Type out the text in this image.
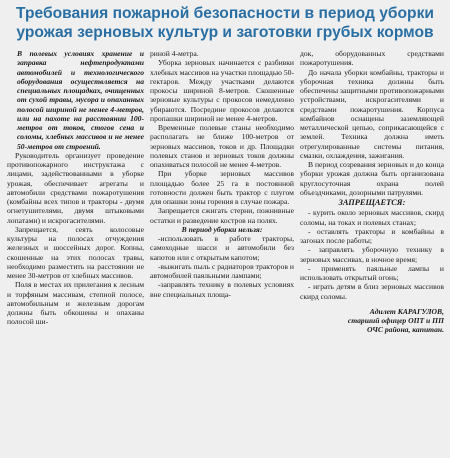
Требования пожарной безопасности в период уборки урожая зерновых культур и заготовки грубых кормов

В полевых условиях хранение и заправка нефтепродуктами автомобилей и технологического оборудования осуществляется на специальных площадках, очищенных от сухой травы, мусора и опаханных полосой шириной не менее 4-метров, или на пахоте на расстоянии 100-метров от токов, стогов сена и соломы, хлебных массивов и не менее 50-метров от строений.

Руководитель организует проведение противопожарного инструктажа с лицами, задействованными в уборке урожая, обеспечивает агрегаты и автомобили средствами пожаротушения (комбайны всех типов и тракторы - двумя огнетушителями, двумя штыковыми лопатами) и искрогасителями.

Запрещается, сеять колосовые культуры на полосах отчуждения железных и шоссейных дорог. Копны, скошенные на этих полосах травы, необходимо разместить на расстоянии не менее 30-метров от хлебных массивов.

Поля в местах их прилегания к лесным и торфяным массивам, степной полосе, автомобильным и железным дорогам должны быть обкошены и опаханы полосой ши-

риной 4-метра.

Уборка зерновых начинается с разбивки хлебных массивов на участки площадью 50-гектаров. Между участками делаются прокосы шириной 8-метров. Скошенные зерновые культуры с прокосов немедленно убираются. Посредине прокосов делаются пропашки шириной не менее 4-метров.

Временные полевые станы необходимо располагать не ближе 100-метров от зерновых массивов, токов и др. Площадки полевых станов и зерновых токов должны опахиваться полосой не менее 4-метров.

При уборке зерновых массивов площадью более 25 га в постоянной готовности должен быть трактор с плугом для опашки зоны горения в случае пожара.

Запрещается сжигать стерни, пожнивные остатки и разведение костров на полях.

В период уборки нельзя:

-использовать в работе тракторы, самоходные шасси и автомобили без капотов или с открытым капотом;

-выжигать пыль с радиаторов тракторов и автомобилей паяльными лампами;

-заправлять технику в полевых условиях вне специальных площа-

док, оборудованных средствами пожаротушения.

До начала уборки комбайны, тракторы и уборочная техника должны быть обеспечены защитными противопожарными устройствами, искрогасителями и средствами пожаротушения. Корпуса комбайнов оснащены заземляющей металлической цепью, соприкасающейся с землей. Техника должна иметь отрегулированные системы питания, смазки, охлаждения, зажигания.

В период созревания зерновых и до конца уборки урожая должна быть организована круглосуточная охрана полей объездчиками, дозорными патрулями.

ЗАПРЕЩАЕТСЯ:

- курить около зерновых массивов, скирд соломы, на токах и полевых станах;

- оставлять тракторы и комбайны в загонах после работы;

- заправлять уборочную технику в зерновых массивах, в ночное время;

- применять паяльные лампы и использовать открытый огонь;

- играть детям в близ зерновых массивов скирд соломы.

Адилет КАРАГУЛОВ,
старший офицер ОПТ и ПП
ОЧС района, капитан.
